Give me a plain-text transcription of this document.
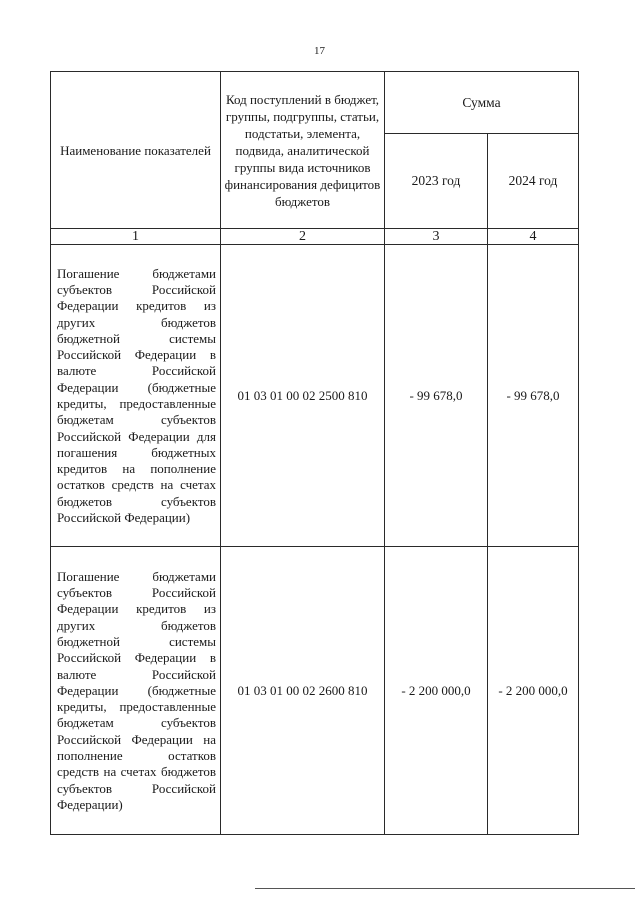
17
Наименование показателей	Код поступлений в бюджет, группы, подгруппы, статьи, подстатьи, элемента, подвида, аналитической группы вида источников финансирования дефицитов бюджетов	Сумма	
		2023 год	2024 год
1	2	3	4
Погашение бюджетами субъектов Российской Федерации кредитов из других бюджетов бюджетной системы Российской Федерации в валюте Российской Федерации (бюджетные кредиты, предоставленные бюджетам субъектов Российской Федерации для погашения бюджетных кредитов на пополнение остатков средств на счетах бюджетов субъектов Российской Федерации)	01 03 01 00 02 2500 810	- 99 678,0	- 99 678,0
Погашение бюджетами субъектов Российской Федерации кредитов из других бюджетов бюджетной системы Российской Федерации в валюте Российской Федерации (бюджетные кредиты, предоставленные бюджетам субъектов Российской Федерации на пополнение остатков средств на счетах бюджетов субъектов Российской Федерации)	01 03 01 00 02 2600 810	- 2 200 000,0	- 2 200 000,0
